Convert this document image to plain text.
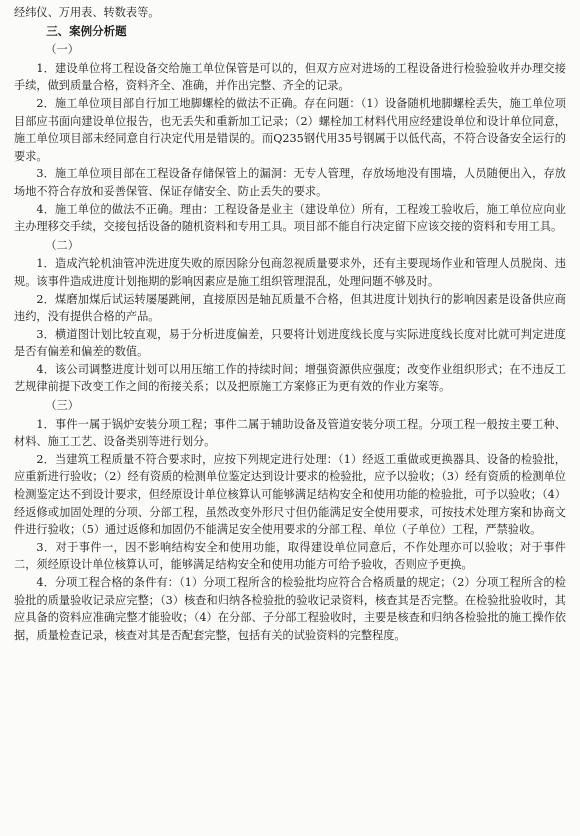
经纬仪、万用表、转数表等。

三、案例分析题

（一）

1．建设单位将工程设备交给施工单位保管是可以的，但双方应对进场的工程设备进行检验验收并办理交接手续，做到质量合格，资料齐全、准确，并作出完整、齐全的记录。

2．施工单位项目部自行加工地脚螺栓的做法不正确。存在问题：（1）设备随机地脚螺栓丢失，施工单位项目部应书面向建设单位报告，也无丢失和重新加工记录；（2）螺栓加工材料代用应经建设单位和设计单位同意，施工单位项目部未经同意自行决定代用是错误的。而Q235钢代用35号钢属于以低代高，不符合设备安全运行的要求。

3．施工单位项目部在工程设备存储保管上的漏洞：无专人管理，存放场地没有围墙，人员随便出入，存放场地不符合存放和妥善保管、保证存储安全、防止丢失的要求。

4．施工单位的做法不正确。理由：工程设备是业主（建设单位）所有，工程竣工验收后，施工单位应向业主办理移交手续，交接包括设备的随机资料和专用工具。项目部不能自行决定留下应该交接的资料和专用工具。

（二）

1．造成汽轮机油管冲洗进度失败的原因除分包商忽视质量要求外，还有主要现场作业和管理人员脱岗、违规。该事件造成进度计划拖期的影响因素应是施工组织管理混乱，处理问题不够及时。

2．煤磨加煤后试运转屡屡跳闸，直接原因是轴瓦质量不合格，但其进度计划执行的影响因素是设备供应商违约，没有提供合格的产品。

3．横道图计划比较直观，易于分析进度偏差，只要将计划进度线长度与实际进度线长度对比就可判定进度是否有偏差和偏差的数值。

4．该公司调整进度计划可以用压缩工作的持续时间；增强资源供应强度；改变作业组织形式；在不违反工艺规律前提下改变工作之间的衔接关系；以及把原施工方案修正为更有效的作业方案等。

（三）

1．事件一属于锅炉安装分项工程；事件二属于辅助设备及管道安装分项工程。分项工程一般按主要工种、材料、施工工艺、设备类别等进行划分。

2．当建筑工程质量不符合要求时，应按下列规定进行处理：（1）经返工重做或更换器具、设备的检验批，应重新进行验收；（2）经有资质的检测单位鉴定达到设计要求的检验批，应予以验收；（3）经有资质的检测单位检测鉴定达不到设计要求，但经原设计单位核算认可能够满足结构安全和使用功能的检验批，可予以验收；（4）经返修或加固处理的分项、分部工程，虽然改变外形尺寸但仍能满足安全使用要求，可按技术处理方案和协商文件进行验收；（5）通过返修和加固仍不能满足安全使用要求的分部工程、单位（子单位）工程，严禁验收。

3．对于事件一，因不影响结构安全和使用功能，取得建设单位同意后，不作处理亦可以验收；对于事件二，须经原设计单位核算认可，能够满足结构安全和使用功能方可给予验收，否则应予更换。

4．分项工程合格的条件有：（1）分项工程所含的检验批均应符合合格质量的规定；（2）分项工程所含的检验批的质量验收记录应完整；（3）核查和归纳各检验批的验收记录资料，核查其是否完整。在检验批验收时，其应具备的资料应准确完整才能验收；（4）在分部、子分部工程验收时，主要是核查和归纳各检验批的施工操作依据，质量检查记录，核查对其是否配套完整，包括有关的试验资料的完整程度。
